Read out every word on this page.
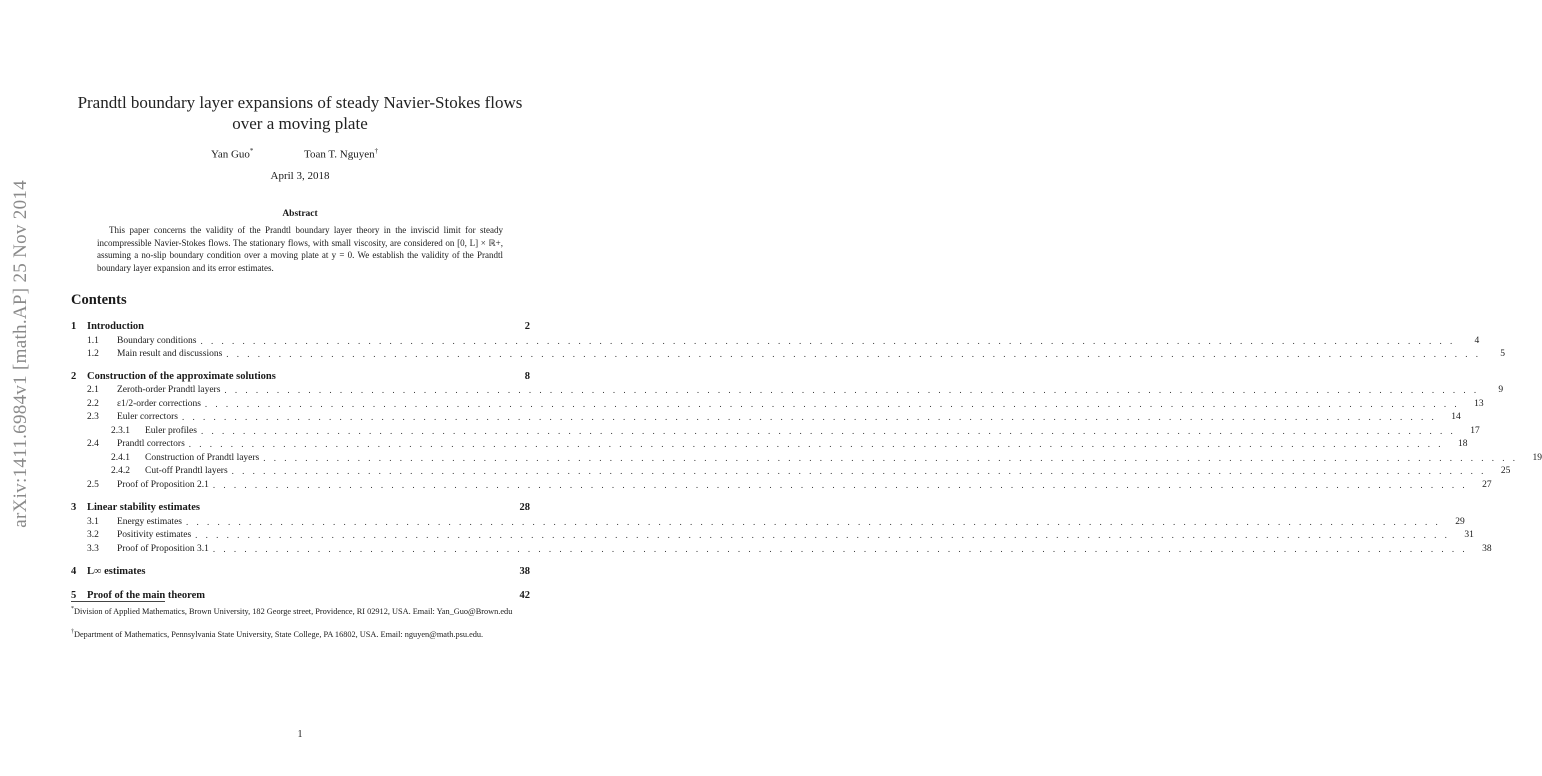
arXiv:1411.6984v1 [math.AP] 25 Nov 2014
Prandtl boundary layer expansions of steady Navier-Stokes flows
over a moving plate
Yan Guo*	Toan T. Nguyen†
April 3, 2018
Abstract
This paper concerns the validity of the Prandtl boundary layer theory in the inviscid limit for steady incompressible Navier-Stokes flows. The stationary flows, with small viscosity, are considered on [0, L] × ℝ+, assuming a no-slip boundary condition over a moving plate at y = 0. We establish the validity of the Prandtl boundary layer expansion and its error estimates.
Contents
1	Introduction	2
1.1	Boundary conditions . . . . . . . . . . . . . . . . . . . . . . . . . . . . . . . . . . . . . . . . . . . . . . . . . . . . . . . . . . . . . . . . . . . . . . . . . . . . . . . . . . . . . . . . . . . . . . . . . . . . . . . . . . . . . . . . . . . . . . . .	4
1.2	Main result and discussions . . . . . . . . . . . . . . . . . . . . . . . . . . . . . . . . . . . . . . . . . . . . . . . . . . . . . . . . . . . . . . . . . . . . . . . . . . . . . . . . . . . . . . . . . . . . . . . . . . . . . . . . . . . . . . . . . . . . . . . .	5
2	Construction of the approximate solutions	8
2.1	Zeroth-order Prandtl layers . . . . . . . . . . . . . . . . . . . . . . . . . . . . . . . . . . . . . . . . . . . . . . . . . . . . . . . . . . . . . . . . . . . . . . . . . . . . . . . . . . . . . . . . . . . . . . . . . . . . . . . . . . . . . . . . . . . . . . . .	9
2.2	ε1/2-order corrections . . . . . . . . . . . . . . . . . . . . . . . . . . . . . . . . . . . . . . . . . . . . . . . . . . . . . . . . . . . . . . . . . . . . . . . . . . . . . . . . . . . . . . . . . . . . . . . . . . . . . . . . . . . . . . . . . . . . . . . .	13
2.3	Euler correctors . . . . . . . . . . . . . . . . . . . . . . . . . . . . . . . . . . . . . . . . . . . . . . . . . . . . . . . . . . . . . . . . . . . . . . . . . . . . . . . . . . . . . . . . . . . . . . . . . . . . . . . . . . . . . . . . . . . . . . . .	14
2.3.1	Euler profiles . . . . . . . . . . . . . . . . . . . . . . . . . . . . . . . . . . . . . . . . . . . . . . . . . . . . . . . . . . . . . . . . . . . . . . . . . . . . . . . . . . . . . . . . . . . . . . . . . . . . . . . . . . . . . . . . . . . . . . . .	17
2.4	Prandtl correctors . . . . . . . . . . . . . . . . . . . . . . . . . . . . . . . . . . . . . . . . . . . . . . . . . . . . . . . . . . . . . . . . . . . . . . . . . . . . . . . . . . . . . . . . . . . . . . . . . . . . . . . . . . . . . . . . . . . . . . . .	18
2.4.1	Construction of Prandtl layers . . . . . . . . . . . . . . . . . . . . . . . . . . . . . . . . . . . . . . . . . . . . . . . . . . . . . . . . . . . . . . . . . . . . . . . . . . . . . . . . . . . . . . . . . . . . . . . . . . . . . . . . . . . . . . . . . . . . . . . .	19
2.4.2	Cut-off Prandtl layers . . . . . . . . . . . . . . . . . . . . . . . . . . . . . . . . . . . . . . . . . . . . . . . . . . . . . . . . . . . . . . . . . . . . . . . . . . . . . . . . . . . . . . . . . . . . . . . . . . . . . . . . . . . . . . . . . . . . . . . .	25
2.5	Proof of Proposition 2.1 . . . . . . . . . . . . . . . . . . . . . . . . . . . . . . . . . . . . . . . . . . . . . . . . . . . . . . . . . . . . . . . . . . . . . . . . . . . . . . . . . . . . . . . . . . . . . . . . . . . . . . . . . . . . . . . . . . . . . . . .	27
3	Linear stability estimates	28
3.1	Energy estimates . . . . . . . . . . . . . . . . . . . . . . . . . . . . . . . . . . . . . . . . . . . . . . . . . . . . . . . . . . . . . . . . . . . . . . . . . . . . . . . . . . . . . . . . . . . . . . . . . . . . . . . . . . . . . . . . . . . . . . . .	29
3.2	Positivity estimates . . . . . . . . . . . . . . . . . . . . . . . . . . . . . . . . . . . . . . . . . . . . . . . . . . . . . . . . . . . . . . . . . . . . . . . . . . . . . . . . . . . . . . . . . . . . . . . . . . . . . . . . . . . . . . . . . . . . . . . .	31
3.3	Proof of Proposition 3.1 . . . . . . . . . . . . . . . . . . . . . . . . . . . . . . . . . . . . . . . . . . . . . . . . . . . . . . . . . . . . . . . . . . . . . . . . . . . . . . . . . . . . . . . . . . . . . . . . . . . . . . . . . . . . . . . . . . . . . . . .	38
4	L∞ estimates	38
5	Proof of the main theorem	42
*Division of Applied Mathematics, Brown University, 182 George street, Providence, RI 02912, USA. Email: Yan_Guo@Brown.edu
†Department of Mathematics, Pennsylvania State University, State College, PA 16802, USA. Email: nguyen@math.psu.edu.
1
